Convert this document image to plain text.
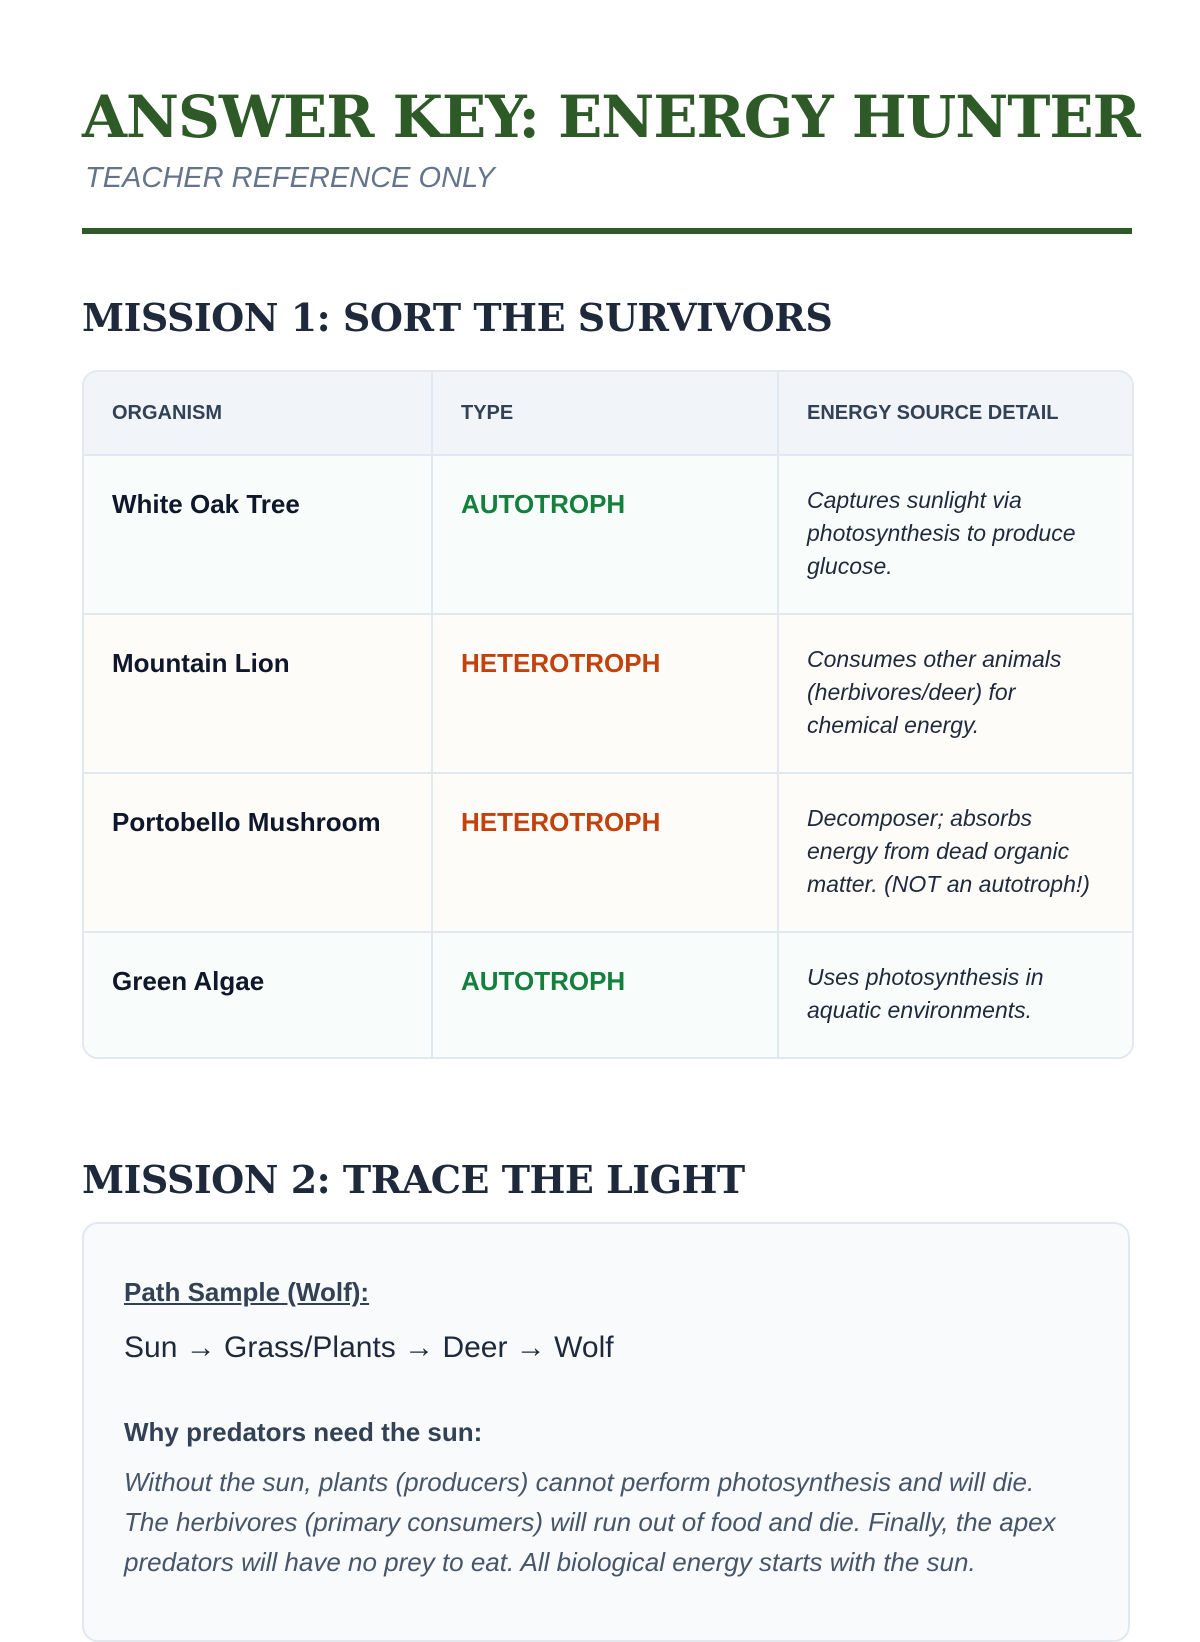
ANSWER KEY: ENERGY HUNTER

TEACHER REFERENCE ONLY

MISSION 1: SORT THE SURVIVORS
ORGANISM	TYPE	ENERGY SOURCE DETAIL

White Oak Tree	AUTOTROPH	Captures sunlight via photosynthesis to produce glucose.

Mountain Lion	HETEROTROPH	Consumes other animals (herbivores/deer) for chemical energy.

Portobello Mushroom	HETEROTROPH	Decomposer; absorbs energy from dead organic matter. (NOT an autotroph!)

Green Algae	AUTOTROPH	Uses photosynthesis in aquatic environments.
MISSION 2: TRACE THE LIGHT
Path Sample (Wolf):
Sun → Grass/Plants → Deer → Wolf
Why predators need the sun:
Without the sun, plants (producers) cannot perform photosynthesis and will die. The herbivores (primary consumers) will run out of food and die. Finally, the apex predators will have no prey to eat. All biological energy starts with the sun.
